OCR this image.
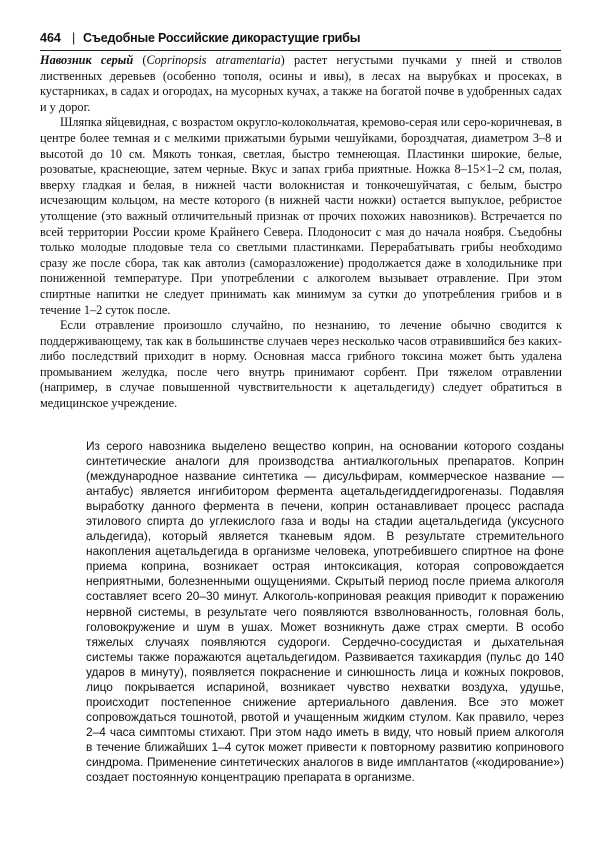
464 | Съедобные Российские дикорастущие грибы

Навозник серый (Coprinopsis atramentaria) растет негустыми пучками у пней и стволов лиственных деревьев (особенно тополя, осины и ивы), в лесах на вырубках и просеках, в кустарниках, в садах и огородах, на мусорных кучах, а также на богатой почве в удобренных садах и у дорог.

Шляпка яйцевидная, с возрастом округло-колокольчатая, кремово-серая или серо-коричневая, в центре более темная и с мелкими прижатыми бурыми чешуйками, бороздчатая, диаметром 3–8 и высотой до 10 см. Мякоть тонкая, светлая, быстро темнеющая. Пластинки широкие, белые, розоватые, краснеющие, затем черные. Вкус и запах гриба приятные. Ножка 8–15×1–2 см, полая, вверху гладкая и белая, в нижней части волокнистая и тонкочешуйчатая, с белым, быстро исчезающим кольцом, на месте которого (в нижней части ножки) остается выпуклое, ребристое утолщение (это важный отличительный признак от прочих похожих навозников). Встречается по всей территории России кроме Крайнего Севера. Плодоносит с мая до начала ноября. Съедобны только молодые плодовые тела со светлыми пластинками. Перерабатывать грибы необходимо сразу же после сбора, так как автолиз (саморазложение) продолжается даже в холодильнике при пониженной температуре. При употреблении с алкоголем вызывает отравление. При этом спиртные напитки не следует принимать как минимум за сутки до употребления грибов и в течение 1–2 суток после.

Если отравление произошло случайно, по незнанию, то лечение обычно сводится к поддерживающему, так как в большинстве случаев через несколько часов отравившийся без каких-либо последствий приходит в норму. Основная масса грибного токсина может быть удалена промыванием желудка, после чего внутрь принимают сорбент. При тяжелом отравлении (например, в случае повышенной чувствительности к ацетальдегиду) следует обратиться в медицинское учреждение.

Из серого навозника выделено вещество коприн, на основании которого созданы синтетические аналоги для производства антиалкогольных препаратов. Коприн (международное название синтетика — дисульфирам, коммерческое название — антабус) является ингибитором фермента ацетальдегиддегидрогеназы. Подавляя выработку данного фермента в печени, коприн останавливает процесс распада этилового спирта до углекислого газа и воды на стадии ацетальдегида (уксусного альдегида), который является тканевым ядом. В результате стремительного накопления ацетальдегида в организме человека, употребившего спиртное на фоне приема коприна, возникает острая интоксикация, которая сопровождается неприятными, болезненными ощущениями. Скрытый период после приема алкоголя составляет всего 20–30 минут. Алкоголь-коприновая реакция приводит к поражению нервной системы, в результате чего появляются взволнованность, головная боль, головокружение и шум в ушах. Может возникнуть даже страх смерти. В особо тяжелых случаях появляются судороги. Сердечно-сосудистая и дыхательная системы также поражаются ацетальдегидом. Развивается тахикардия (пульс до 140 ударов в минуту), появляется покраснение и синюшность лица и кожных покровов, лицо покрывается испариной, возникает чувство нехватки воздуха, удушье, происходит постепенное снижение артериального давления. Все это может сопровождаться тошнотой, рвотой и учащенным жидким стулом. Как правило, через 2–4 часа симптомы стихают. При этом надо иметь в виду, что новый прием алкоголя в течение ближайших 1–4 суток может привести к повторному развитию копринового синдрома. Применение синтетических аналогов в виде имплантатов («кодирование») создает постоянную концентрацию препарата в организме.
